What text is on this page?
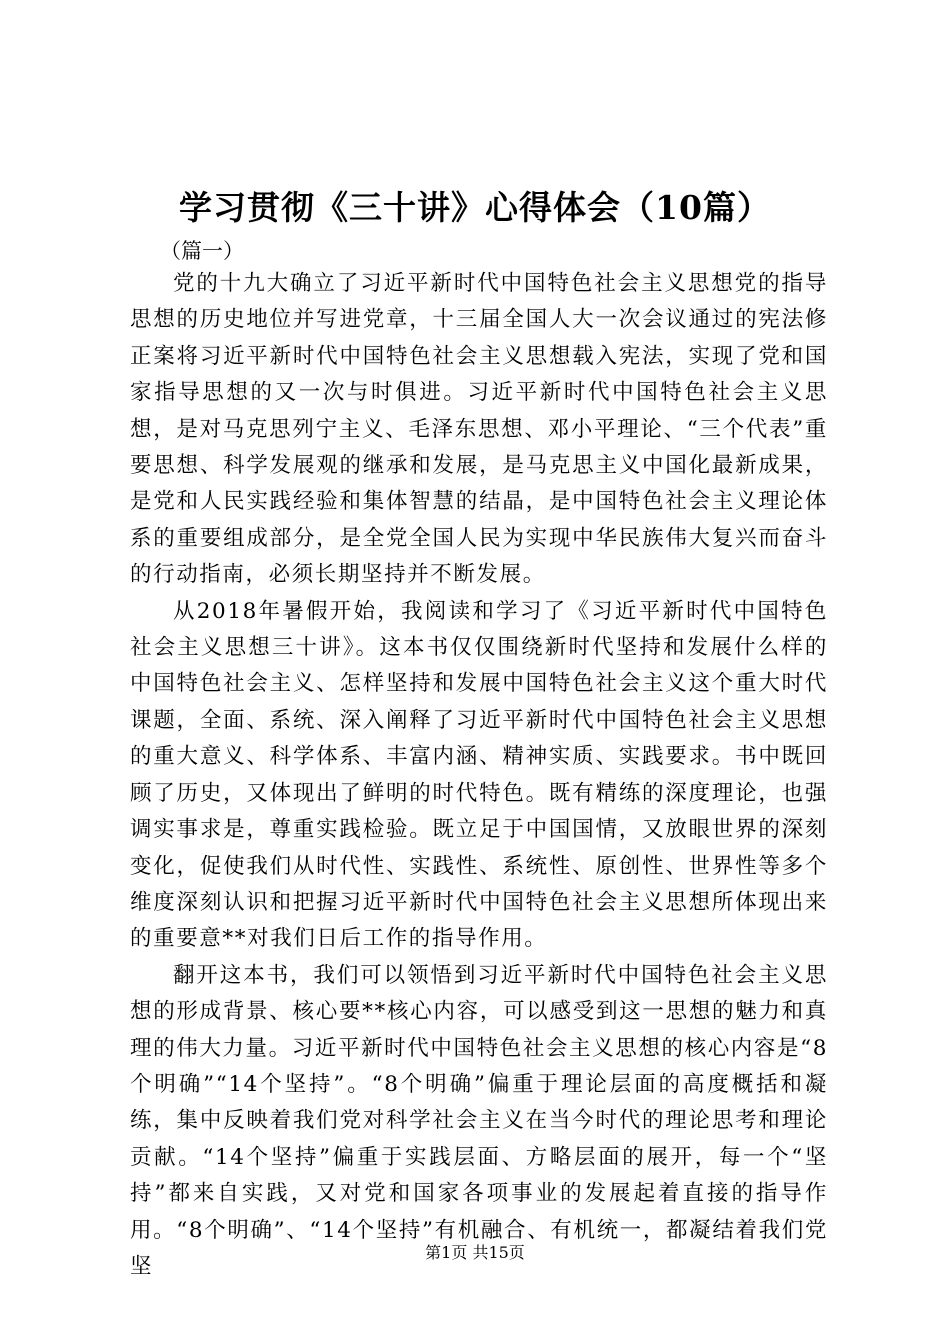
学习贯彻《三十讲》心得体会（10篇）
（篇一）

党的十九大确立了习近平新时代中国特色社会主义思想党的指导思想的历史地位并写进党章，十三届全国人大一次会议通过的宪法修正案将习近平新时代中国特色社会主义思想载入宪法，实现了党和国家指导思想的又一次与时俱进。习近平新时代中国特色社会主义思想，是对马克思列宁主义、毛泽东思想、邓小平理论、“三个代表”重要思想、科学发展观的继承和发展，是马克思主义中国化最新成果，是党和人民实践经验和集体智慧的结晶，是中国特色社会主义理论体系的重要组成部分，是全党全国人民为实现中华民族伟大复兴而奋斗的行动指南，必须长期坚持并不断发展。

从2018年暑假开始，我阅读和学习了《习近平新时代中国特色社会主义思想三十讲》。这本书仅仅围绕新时代坚持和发展什么样的中国特色社会主义、怎样坚持和发展中国特色社会主义这个重大时代课题，全面、系统、深入阐释了习近平新时代中国特色社会主义思想的重大意义、科学体系、丰富内涵、精神实质、实践要求。书中既回顾了历史，又体现出了鲜明的时代特色。既有精练的深度理论，也强调实事求是，尊重实践检验。既立足于中国国情，又放眼世界的深刻变化，促使我们从时代性、实践性、系统性、原创性、世界性等多个维度深刻认识和把握习近平新时代中国特色社会主义思想所体现出来的重要意**对我们日后工作的指导作用。

翻开这本书，我们可以领悟到习近平新时代中国特色社会主义思想的形成背景、核心要**核心内容，可以感受到这一思想的魅力和真理的伟大力量。习近平新时代中国特色社会主义思想的核心内容是“8个明确”“14个坚持”。“8个明确”偏重于理论层面的高度概括和凝练，集中反映着我们党对科学社会主义在当今时代的理论思考和理论贡献。“14个坚持”偏重于实践层面、方略层面的展开，每一个“坚持”都来自实践，又对党和国家各项事业的发展起着直接的指导作用。“8个明确”、“14个坚持”有机融合、有机统一，都凝结着我们党坚

第1页 共15页
